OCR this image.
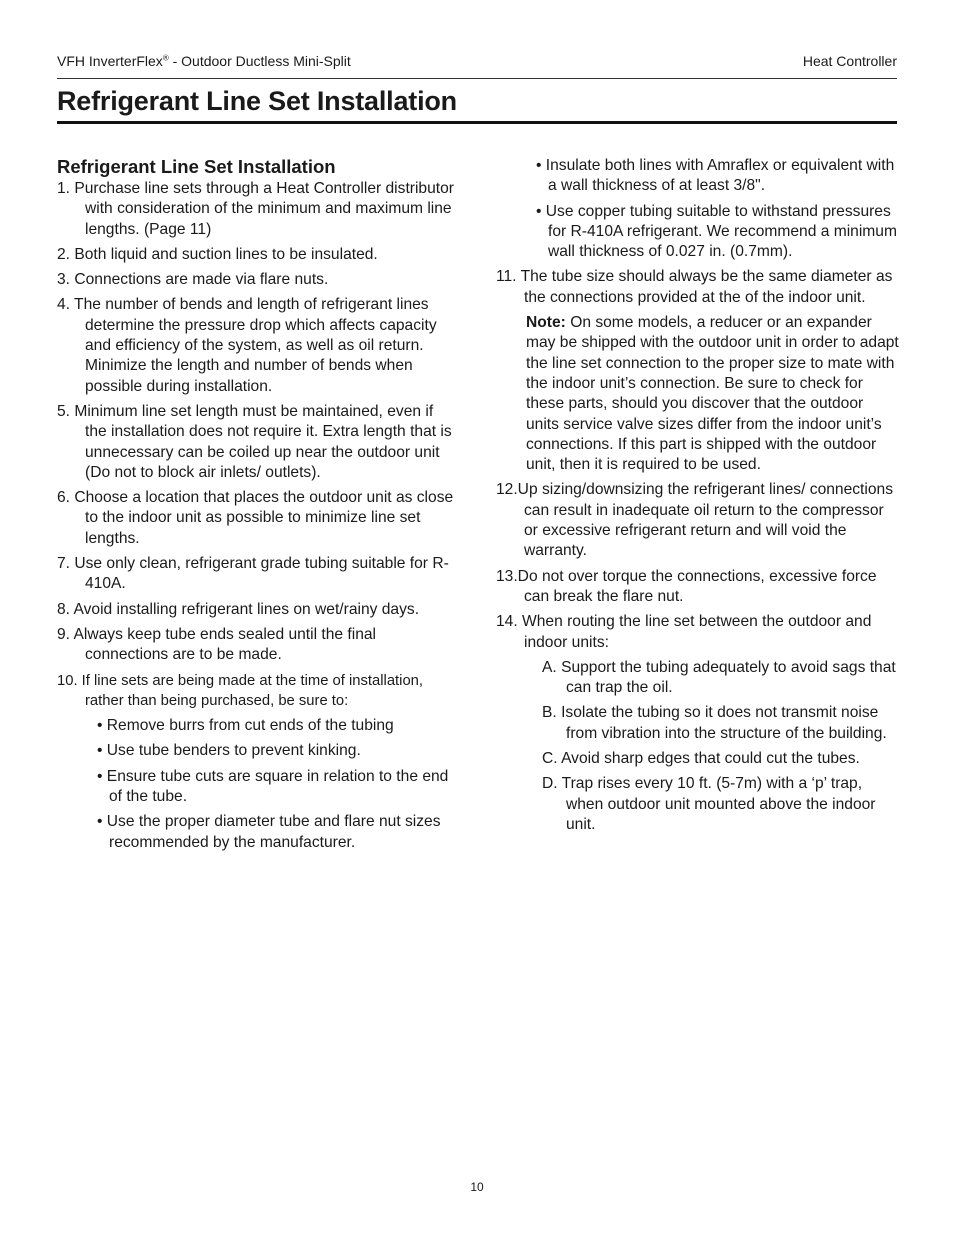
VFH InverterFlex® - Outdoor Ductless Mini-Split	Heat Controller
Refrigerant Line Set Installation
Refrigerant Line Set Installation
1. Purchase line sets through a Heat Controller distributor with consideration of the minimum and maximum line lengths. (Page 11)
2. Both liquid and suction lines to be insulated.
3. Connections are made via flare nuts.
4. The number of bends and length of refrigerant lines determine the pressure drop which affects capacity and efficiency of the system, as well as oil return. Minimize the length and number of bends when possible during installation.
5. Minimum line set length must be maintained, even if the installation does not require it. Extra length that is unnecessary can be coiled up near the outdoor unit (Do not to block air inlets/ outlets).
6. Choose a location that places the outdoor unit as close to the indoor unit as possible to minimize line set lengths.
7. Use only clean, refrigerant grade tubing suitable for R-410A.
8. Avoid installing refrigerant lines on wet/rainy days.
9. Always keep tube ends sealed until the final connections are to be made.
10. If line sets are being made at the time of installation, rather than being purchased, be sure to:
• Remove burrs from cut ends of the tubing
• Use tube benders to prevent kinking.
• Ensure tube cuts are square in relation to the end of the tube.
• Use the proper diameter tube and flare nut sizes recommended by the manufacturer.
• Insulate both lines with Amraflex or equivalent with a wall thickness of at least 3/8".
• Use copper tubing suitable to withstand pressures for R-410A refrigerant. We recommend a minimum wall thickness of 0.027 in. (0.7mm).
11. The tube size should always be the same diameter as the connections provided at the of the indoor unit.
Note: On some models, a reducer or an expander may be shipped with the outdoor unit in order to adapt the line set connection to the proper size to mate with the indoor unit’s connection. Be sure to check for these parts, should you discover that the outdoor units service valve sizes differ from the indoor unit’s connections. If this part is shipped with the outdoor unit, then it is required to be used.
12.Up sizing/downsizing the refrigerant lines/ connections can result in inadequate oil return to the compressor or excessive refrigerant return and will void the warranty.
13.Do not over torque the connections, excessive force can break the flare nut.
14. When routing the line set between the outdoor and indoor units:
A. Support the tubing adequately to avoid sags that can trap the oil.
B. Isolate the tubing so it does not transmit noise from vibration into the structure of the building.
C. Avoid sharp edges that could cut the tubes.
D. Trap rises every 10 ft. (5-7m) with a ‘p’ trap, when outdoor unit mounted above the indoor unit.
10
